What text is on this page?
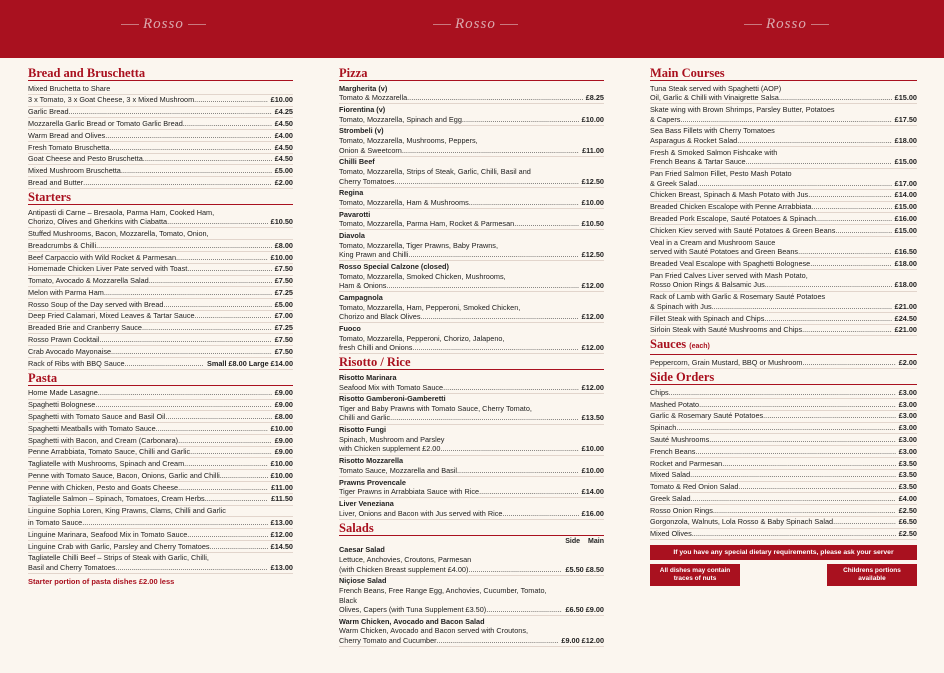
Rosso	Rosso	Rosso
Bread and Bruschetta
Mixed Bruchetta to Share
3 x Tomato, 3 x Goat Cheese, 3 x Mixed Mushroom .....	£10.00
Garlic Bread .....	£4.25
Mozzarella Garlic Bread or Tomato Garlic Bread .....	£4.50
Warm Bread and Olives .....	£4.00
Fresh Tomato Bruschetta .....	£4.50
Goat Cheese and Pesto Bruschetta .....	£4.50
Mixed Mushroom Bruschetta .....	£5.00
Bread and Butter .....	£2.00
Starters
Antipasti di Carne – Bresaola, Parma Ham, Cooked Ham,
Chorizo, Olives and Gherkins with Ciabatta .....	£10.50
Stuffed Mushrooms, Bacon, Mozzarella, Tomato, Onion,
Breadcrumbs & Chilli .....	£8.00
Beef Carpaccio with Wild Rocket & Parmesan .....	£10.00
Homemade Chicken Liver Pate served with Toast .....	£7.50
Tomato, Avocado & Mozzarella Salad .....	£7.50
Melon with Parma Ham .....	£7.25
Rosso Soup of the Day served with Bread .....	£5.00
Deep Fried Calamari, Mixed Leaves & Tartar Sauce .....	£7.00
Breaded Brie and Cranberry Sauce .....	£7.25
Rosso Prawn Cocktail .....	£7.50
Crab Avocado Mayonaise .....	£7.50
Rack of Ribs with BBQ Sauce .....	Small £8.00 Large £14.00
Pasta
Home Made Lasagne .....	£9.00
Spaghetti Bolognese .....	£9.00
Spaghetti with Tomato Sauce and Basil Oil .....	£8.00
Spaghetti Meatballs with Tomato Sauce .....	£10.00
Spaghetti with Bacon, and Cream (Carbonara) .....	£9.00
Penne Arrabbiata, Tomato Sauce, Chilli and Garlic .....	£9.00
Tagliatelle with Mushrooms, Spinach and Cream .....	£10.00
Penne with Tomato Sauce, Bacon, Onions, Garlic and Chilli .....	£10.00
Penne with Chicken, Pesto and Goats Cheese .....	£11.00
Tagliatelle Salmon – Spinach, Tomatoes, Cream Herbs .....	£11.50
Linguine Sophia Loren, King Prawns, Clams, Chilli and Garlic
in Tomato Sauce .....	£13.00
Linguine Marinara, Seafood Mix in Tomato Sauce .....	£12.00
Linguine Crab with Garlic, Parsley and Cherry Tomatoes .....	£14.50
Tagliatelle Chilli Beef – Strips of Steak with Garlic, Chilli,
Basil and Cherry Tomatoes .....	£13.00
Starter portion of pasta dishes £2.00 less
Pizza
Margherita (v)
Tomato & Mozzarella .....	£8.25
Fiorentina (v)
Tomato, Mozzarella, Spinach and Egg .....	£10.00
Strombeli (v)
Tomato, Mozzarella, Mushrooms, Peppers,
Onion & Sweetcorn .....	£11.00
Chilli Beef
Tomato, Mozzarella, Strips of Steak, Garlic, Chilli, Basil and
Cherry Tomatoes .....	£12.50
Regina
Tomato, Mozzarella, Ham & Mushrooms .....	£10.00
Pavarotti
Tomato, Mozzarella, Parma Ham, Rocket & Parmesan .....	£10.50
Diavola
Tomato, Mozzarella, Tiger Prawns, Baby Prawns,
King Prawn and Chilli .....	£12.50
Rosso Special Calzone (closed)
Tomato, Mozzarella, Smoked Chicken, Mushrooms,
Ham & Onions .....	£12.00
Campagnola
Tomato, Mozzarella, Ham, Pepperoni, Smoked Chicken,
Chorizo and Black Olives .....	£12.00
Fuoco
Tomato, Mozzarella, Pepperoni, Chorizo, Jalapeno,
fresh Chilli and Onions .....	£12.00
Risotto / Rice
Risotto Marinara
Seafood Mix with Tomato Sauce .....	£12.00
Risotto Gamberoni-Gamberetti
Tiger and Baby Prawns with Tomato Sauce, Cherry Tomato,
Chilli and Garlic .....	£13.50
Risotto Fungi
Spinach, Mushroom and Parsley
with Chicken supplement £2.00 .....	£10.00
Risotto Mozzarella
Tomato Sauce, Mozzarella and Basil .....	£10.00
Prawns Provencale
Tiger Prawns in Arrabbiata Sauce with Rice .....	£14.00
Liver Veneziana
Liver, Onions and Bacon with Jus served with Rice .....	£16.00
Salads
Side Main
Caesar Salad
Lettuce, Anchovies, Croutons, Parmesan
(with Chicken Breast supplement £4.00) .....	£5.50 £8.50
Niçiose Salad
French Beans, Free Range Egg, Anchovies, Cucumber, Tomato, Black
Olives, Capers (with Tuna Supplement £3.50) .....	£6.50 £9.00
Warm Chicken, Avocado and Bacon Salad
Warm Chicken, Avocado and Bacon served with Croutons,
Cherry Tomato and Cucumber .....	£9.00 £12.00
Main Courses
Tuna Steak served with Spaghetti (AOP)
Oil, Garlic & Chilli with Vinaigrette Salsa .....	£15.00
Skate wing with Brown Shrimps, Parsley Butter, Potatoes
& Capers .....	£17.50
Sea Bass Fillets with Cherry Tomatoes
Asparagus & Rocket Salad .....	£18.00
Fresh & Smoked Salmon Fishcake with
French Beans & Tartar Sauce .....	£15.00
Pan Fried Salmon Fillet, Pesto Mash Potato
& Greek Salad .....	£17.00
Chicken Breast, Spinach & Mash Potato with Jus .....	£14.00
Breaded Chicken Escalope with Penne Arrabbiata .....	£15.00
Breaded Pork Escalope, Sauté Potatoes & Spinach .....	£16.00
Chicken Kiev served with Sauté Potatoes & Green Beans .....	£15.00
Veal in a Cream and Mushroom Sauce
served with Sauté Potatoes and Green Beans .....	£16.50
Breaded Veal Escalope with Spaghetti Bolognese .....	£18.00
Pan Fried Calves Liver served with Mash Potato,
Rosso Onion Rings & Balsamic Jus .....	£18.00
Rack of Lamb with Garlic & Rosemary Sauté Potatoes
& Spinach with Jus .....	£21.00
Fillet Steak with Spinach and Chips .....	£24.50
Sirloin Steak with Sauté Mushrooms and Chips .....	£21.00
Sauces (each)
Peppercorn, Grain Mustard, BBQ or Mushroom .....	£2.00
Side Orders
Chips .....	£3.00
Mashed Potato .....	£3.00
Garlic & Rosemary Sauté Potatoes .....	£3.00
Spinach .....	£3.00
Sauté Mushrooms .....	£3.00
French Beans .....	£3.00
Rocket and Parmesan .....	£3.50
Mixed Salad .....	£3.50
Tomato & Red Onion Salad .....	£3.50
Greek Salad .....	£4.00
Rosso Onion Rings .....	£2.50
Gorgonzola, Walnuts, Lola Rosso & Baby Spinach Salad .....	£6.50
Mixed Olives .....	£2.50
If you have any special dietary requirements, please ask your server
All dishes may contain traces of nuts
Childrens portions available
